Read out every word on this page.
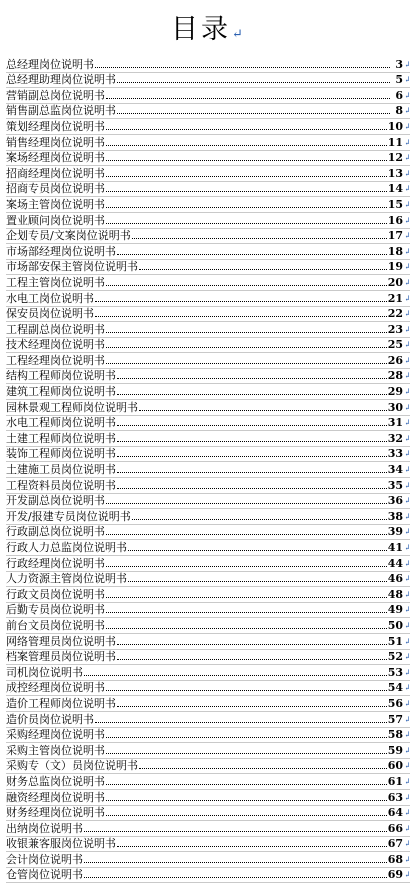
目录↵
总经理岗位说明书	3 ↲
总经理助理岗位说明书	5 ↲
营销副总岗位说明书	6 ↲
销售副总监岗位说明书	8 ↲
策划经理岗位说明书	10 ↲
销售经理岗位说明书	11 ↲
案场经理岗位说明书	12 ↲
招商经理岗位说明书	13 ↲
招商专员岗位说明书	14 ↲
案场主管岗位说明书	15 ↲
置业顾问岗位说明书	16 ↲
企划专员/文案岗位说明书	17 ↲
市场部经理岗位说明书	18 ↲
市场部安保主管岗位说明书	19 ↲
工程主管岗位说明书	20 ↲
水电工岗位说明书	21 ↲
保安员岗位说明书	22 ↲
工程副总岗位说明书	23 ↲
技术经理岗位说明书	25 ↲
工程经理岗位说明书	26 ↲
结构工程师岗位说明书	28 ↲
建筑工程师岗位说明书	29 ↲
园林景观工程师岗位说明书	30 ↲
水电工程师岗位说明书	31 ↲
土建工程师岗位说明书	32 ↲
装饰工程师岗位说明书	33 ↲
土建施工员岗位说明书	34 ↲
工程资料员岗位说明书	35 ↲
开发副总岗位说明书	36 ↲
开发/报建专员岗位说明书	38 ↲
行政副总岗位说明书	39 ↲
行政人力总监岗位说明书	41 ↲
行政经理岗位说明书	44 ↲
人力资源主管岗位说明书	46 ↲
行政文员岗位说明书	48 ↲
后勤专员岗位说明书	49 ↲
前台文员岗位说明书	50 ↲
网络管理员岗位说明书	51 ↲
档案管理员岗位说明书	52 ↲
司机岗位说明书	53 ↲
成控经理岗位说明书	54 ↲
造价工程师岗位说明书	56 ↲
造价员岗位说明书	57 ↲
采购经理岗位说明书	58 ↲
采购主管岗位说明书	59 ↲
采购专（文）员岗位说明书	60 ↲
财务总监岗位说明书	61 ↲
融资经理岗位说明书	63 ↲
财务经理岗位说明书	64 ↲
出纳岗位说明书	66 ↲
收银兼客服岗位说明书	67 ↲
会计岗位说明书	68 ↲
仓管岗位说明书	69 ↲
